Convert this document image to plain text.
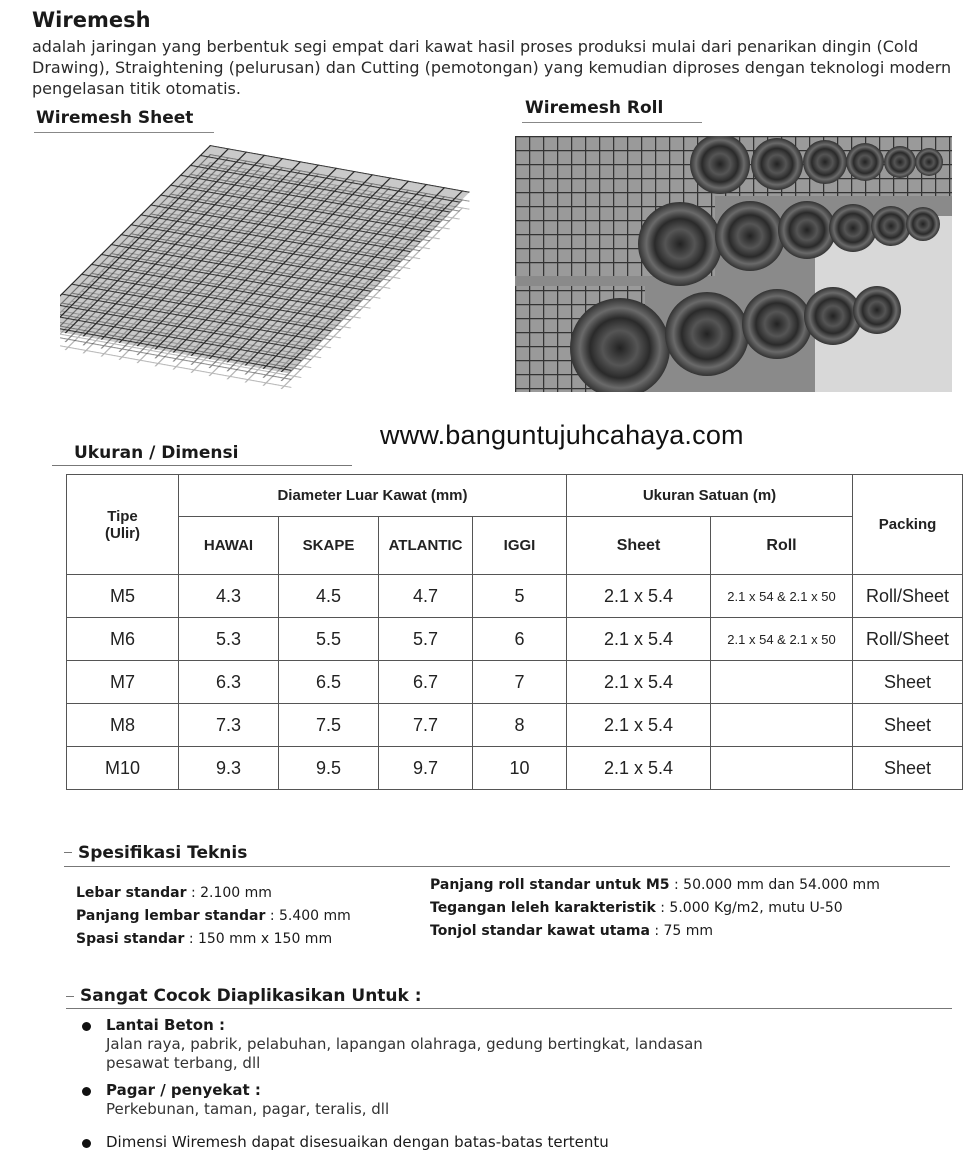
Wiremesh

adalah jaringan yang berbentuk segi empat dari kawat hasil proses produksi mulai dari penarikan dingin (Cold Drawing), Straightening (pelurusan) dan Cutting (pemotongan) yang kemudian diproses dengan teknologi modern pengelasan titik otomatis.

Wiremesh Sheet	Wiremesh Roll
www.banguntujuhcahaya.com
Ukuran / Dimensi
Tipe
(Ulir)	Diameter Luar Kawat (mm)				Ukuran Satuan (m)		Packing
	HAWAI	SKAPE	ATLANTIC	IGGI	Sheet	Roll	
M5	4.3	4.5	4.7	5	2.1 x 5.4	2.1 x 54 & 2.1 x 50	Roll/Sheet
M6	5.3	5.5	5.7	6	2.1 x 5.4	2.1 x 54 & 2.1 x 50	Roll/Sheet
M7	6.3	6.5	6.7	7	2.1 x 5.4		Sheet
M8	7.3	7.5	7.7	8	2.1 x 5.4		Sheet
M10	9.3	9.5	9.7	10	2.1 x 5.4		Sheet
Spesifikasi Teknis
Lebar standar : 2.100 mm
Panjang lembar standar : 5.400 mm
Spasi standar : 150 mm x 150 mm
Panjang roll standar untuk M5 : 50.000 mm dan 54.000 mm
Tegangan leleh karakteristik : 5.000 Kg/m2, mutu U-50
Tonjol standar kawat utama : 75 mm
Sangat Cocok Diaplikasikan Untuk :
Lantai Beton :
Jalan raya, pabrik, pelabuhan, lapangan olahraga, gedung bertingkat, landasan pesawat terbang, dll
Pagar / penyekat :
Perkebunan, taman, pagar, teralis, dll
Dimensi Wiremesh dapat disesuaikan dengan batas-batas tertentu
